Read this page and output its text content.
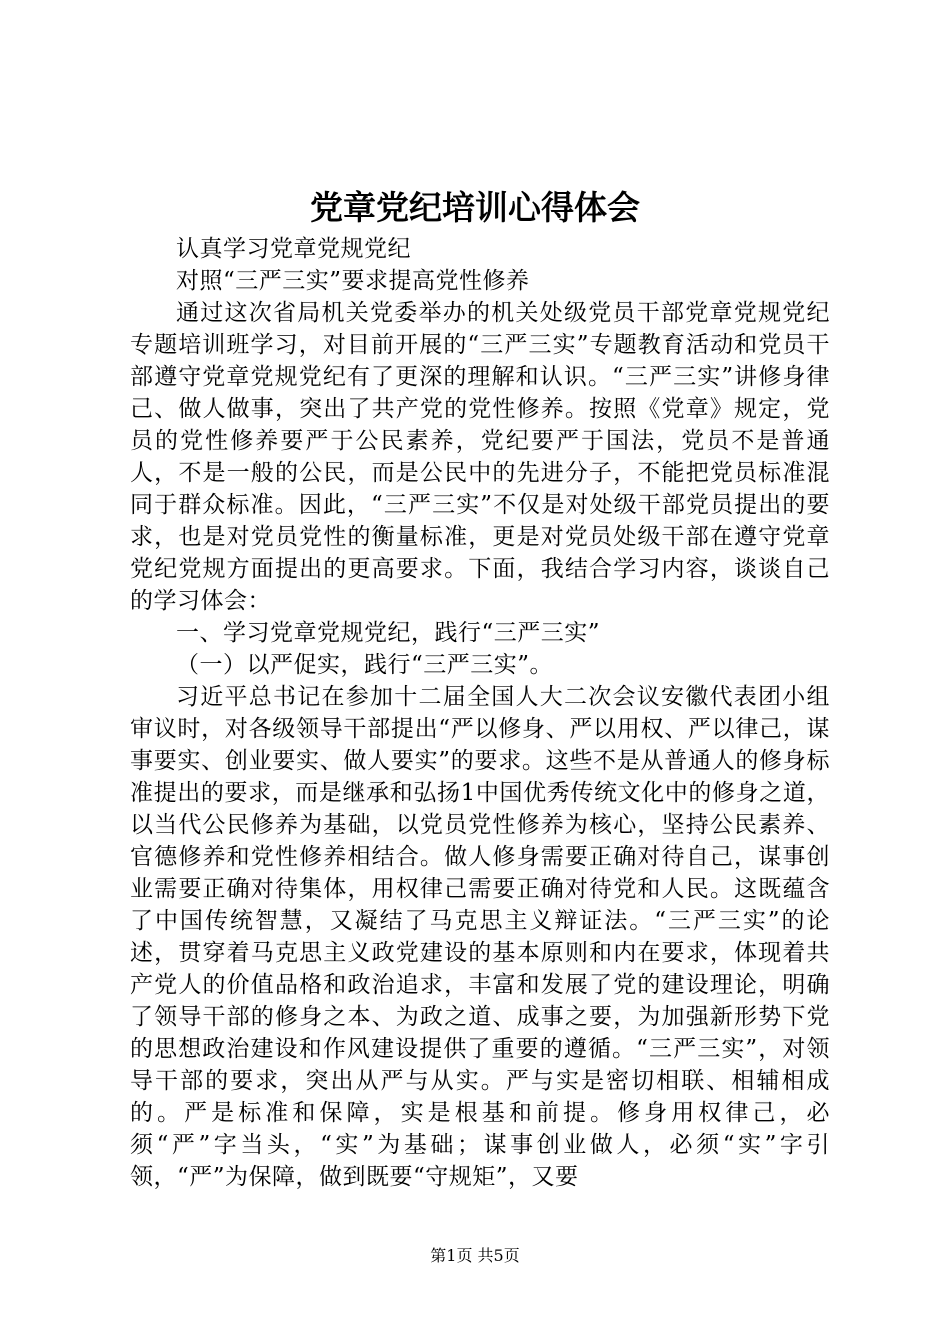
党章党纪培训心得体会

认真学习党章党规党纪

对照“三严三实”要求提高党性修养

通过这次省局机关党委举办的机关处级党员干部党章党规党纪专题培训班学习，对目前开展的“三严三实”专题教育活动和党员干部遵守党章党规党纪有了更深的理解和认识。“三严三实”讲修身律己、做人做事，突出了共产党的党性修养。按照《党章》规定，党员的党性修养要严于公民素养，党纪要严于国法，党员不是普通人，不是一般的公民，而是公民中的先进分子，不能把党员标准混同于群众标准。因此，“三严三实”不仅是对处级干部党员提出的要求，也是对党员党性的衡量标准，更是对党员处级干部在遵守党章党纪党规方面提出的更高要求。下面，我结合学习内容，谈谈自己的学习体会：

一、学习党章党规党纪，践行“三严三实”

（一）以严促实，践行“三严三实”。

习近平总书记在参加十二届全国人大二次会议安徽代表团小组审议时，对各级领导干部提出“严以修身、严以用权、严以律己，谋事要实、创业要实、做人要实”的要求。这些不是从普通人的修身标准提出的要求，而是继承和弘扬1中国优秀传统文化中的修身之道，以当代公民修养为基础，以党员党性修养为核心，坚持公民素养、官德修养和党性修养相结合。做人修身需要正确对待自己，谋事创业需要正确对待集体，用权律己需要正确对待党和人民。这既蕴含了中国传统智慧，又凝结了马克思主义辩证法。“三严三实”的论述，贯穿着马克思主义政党建设的基本原则和内在要求，体现着共产党人的价值品格和政治追求，丰富和发展了党的建设理论，明确了领导干部的修身之本、为政之道、成事之要，为加强新形势下党的思想政治建设和作风建设提供了重要的遵循。“三严三实”，对领导干部的要求，突出从严与从实。严与实是密切相联、相辅相成的。严是标准和保障，实是根基和前提。修身用权律己，必须“严”字当头，“实”为基础；谋事创业做人，必须“实”字引领，“严”为保障，做到既要“守规矩”，又要

第1页 共5页
